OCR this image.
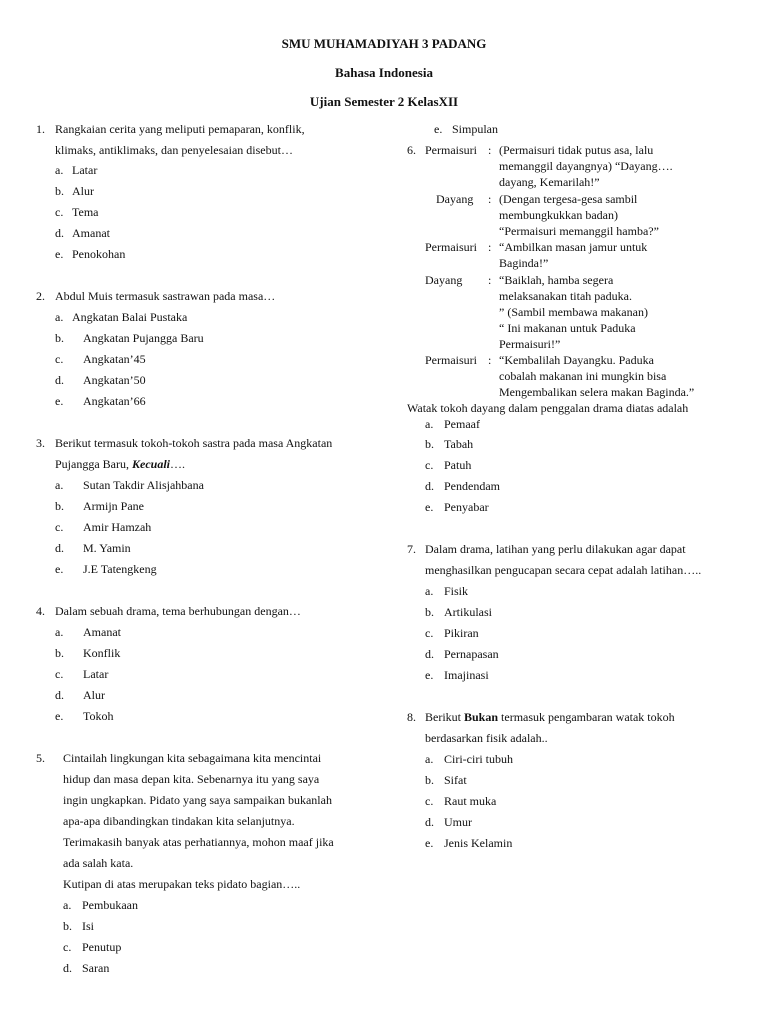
SMU MUHAMADIYAH 3 PADANG
Bahasa Indonesia
Ujian Semester 2 KelasXII
1. Rangkaian cerita yang meliputi pemaparan, konflik,
klimaks, antiklimaks, dan penyelesaian disebut…
a. Latar
b. Alur
c. Tema
d. Amanat
e. Penokohan
2. Abdul Muis termasuk sastrawan pada masa…
a. Angkatan Balai Pustaka
b. Angkatan Pujangga Baru
c. Angkatan’45
d. Angkatan’50
e. Angkatan’66
3. Berikut termasuk tokoh-tokoh sastra pada masa Angkatan
Pujangga Baru, Kecuali….
a. Sutan Takdir Alisjahbana
b. Armijn Pane
c. Amir Hamzah
d. M. Yamin
e. J.E Tatengkeng
4. Dalam sebuah drama, tema berhubungan dengan…
a. Amanat
b. Konflik
c. Latar
d. Alur
e. Tokoh
5. Cintailah lingkungan kita sebagaimana kita mencintai
hidup dan masa depan kita. Sebenarnya itu yang saya
ingin ungkapkan. Pidato yang saya sampaikan bukanlah
apa-apa dibandingkan tindakan kita selanjutnya.
Terimakasih banyak atas perhatiannya, mohon maaf jika
ada salah kata.
Kutipan di atas merupakan teks pidato bagian…..
a. Pembukaan
b. Isi
c. Penutup
d. Saran
e. Simpulan
6. Permaisuri : (Permaisuri tidak putus asa, lalu
memanggil dayangnya) “Dayang….
dayang, Kemarilah!”
Dayang : (Dengan tergesa-gesa sambil
membungkukkan badan)
“Permaisuri memanggil hamba?”
Permaisuri : “Ambilkan masan jamur untuk
Baginda!”
Dayang : “Baiklah, hamba segera
melaksanakan titah paduka.
” (Sambil membawa makanan)
“ Ini makanan untuk Paduka
Permaisuri!”
Permaisuri : “Kembalilah Dayangku. Paduka
cobalah makanan ini mungkin bisa
Mengembalikan selera makan Baginda.”
Watak tokoh dayang dalam penggalan drama diatas adalah
a. Pemaaf
b. Tabah
c. Patuh
d. Pendendam
e. Penyabar
7. Dalam drama, latihan yang perlu dilakukan agar dapat
menghasilkan pengucapan secara cepat adalah latihan…..
a. Fisik
b. Artikulasi
c. Pikiran
d. Pernapasan
e. Imajinasi
8. Berikut Bukan termasuk pengambaran watak tokoh
berdasarkan fisik adalah..
a. Ciri-ciri tubuh
b. Sifat
c. Raut muka
d. Umur
e. Jenis Kelamin
